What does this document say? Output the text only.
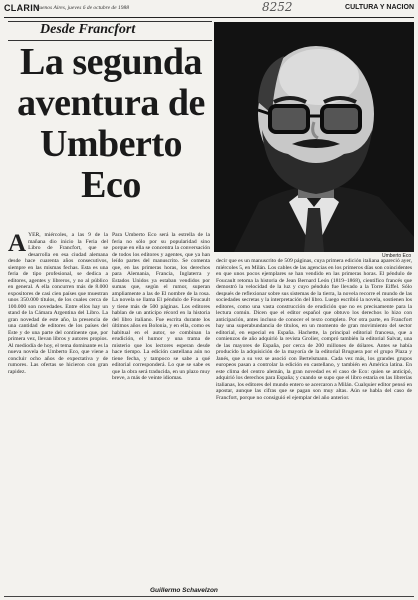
CLARIN
Buenos Aires, jueves 6 de octubre de 1988	8252	CULTURA Y NACION
Desde Francfort
La segunda aventura de Umberto Eco
Umberto Eco
A YER, miércoles, a las 9 de la mañana dio inicio la Feria del Libro de Francfort, que se desarrolla en esa ciudad alemana desde hace cuarenta años consecutivos, siempre en las mismas fechas. Esta es una feria de tipo profesional, se dedica a editores, agentes y libreros, y no al público en general. A ella concurren más de 8.000 expositores de casi cien países que muestran unos 350.000 títulos, de los cuales cerca de 100.000 son novedades. Entre ellos hay un stand de la Cámara Argentina del Libro. La gran novedad de este año, la presencia de una cantidad de editores de los países del Este y de una parte del continente que, por primera vez, llevan libros y autores propios. Al mediodía de hoy, el tema dominante es la nueva novela de Umberto Eco, que viene a concluir ocho años de expectativa y de rumores. Las ofertas se hicieron con gran rapidez.

Para Umberto Eco será la estrella de la feria no sólo por su popularidad sino porque en ella se concentra la conversación de todos los editores y agentes, que ya han leído partes del manuscrito. Se comenta que, en las primeras horas, los derechos para Alemania, Francia, Inglaterra y Estados Unidos ya estaban vendidos por sumas que, según el rumor, superan ampliamente a las de El nombre de la rosa. La novela se llama El péndulo de Foucault y tiene más de 500 páginas. Los editores hablan de un anticipo récord en la historia del libro italiano. Fue escrita durante los últimos años en Bolonia, y en ella, como es habitual en el autor, se combinan la erudición, el humor y una trama de misterio que los lectores esperan desde hace tiempo. La edición castellana aún no tiene fecha, y tampoco se sabe a qué editorial corresponderá. Lo que se sabe es que la obra será traducida, en un plazo muy breve, a más de veinte idiomas.

decir que es un manuscrito de 509 páginas, cuya primera edición italiana apareció ayer, miércoles 5, en Milán. Los cables de las agencias en los primeros días son coincidentes en que unos pocos ejemplares se han vendido en las primeras horas. El péndulo de Foucault retoma la historia de Jean Bernard León (1819–1868), científico francés que demostró la velocidad de la luz y cuyo péndulo fue llevado a la Torre Eiffel. Sólo después de reflexionar sobre sus sistemas de la tierra, la novela recorre el mundo de las sociedades secretas y la interpretación del libro. Luego escribió la novela, sostienen los editores, como una vasta construcción de erudición que no es precisamente para la lectura común. Dicen que el editor español que obtuvo los derechos lo hizo con anticipación, antes incluso de conocer el texto completo. Por otra parte, en Francfort hay una superabundancia de títulos, en un momento de gran movimiento del sector editorial, en especial en España. Hachette, la principal editorial francesa, que a comienzos de año adquirió la revista Grolier, compró también la editorial Salvat, una de las mayores de España, por cerca de 200 millones de dólares. Antes se había producido la adquisición de la mayoría de la editorial Bruguera por el grupo Plaza y Janés, que a su vez se asoció con Bertelsmann. Cada vez más, los grandes grupos europeos pasan a controlar la edición en castellano, y también en América latina. En este clima del centro alemán, la gran novedad es el caso de Eco: quien se anticipó, adquirió los derechos para España; y cuando se supo que el libro estaría en las librerías italianas, los editores del mundo entero se acercaron a Milán. Cualquier editor pensó en apostar, aunque las cifras que se pagan son muy altas. Aún se habla del caso de Francfort, porque no consiguió el ejemplar del año anterior.

Guillermo Schavelzon
